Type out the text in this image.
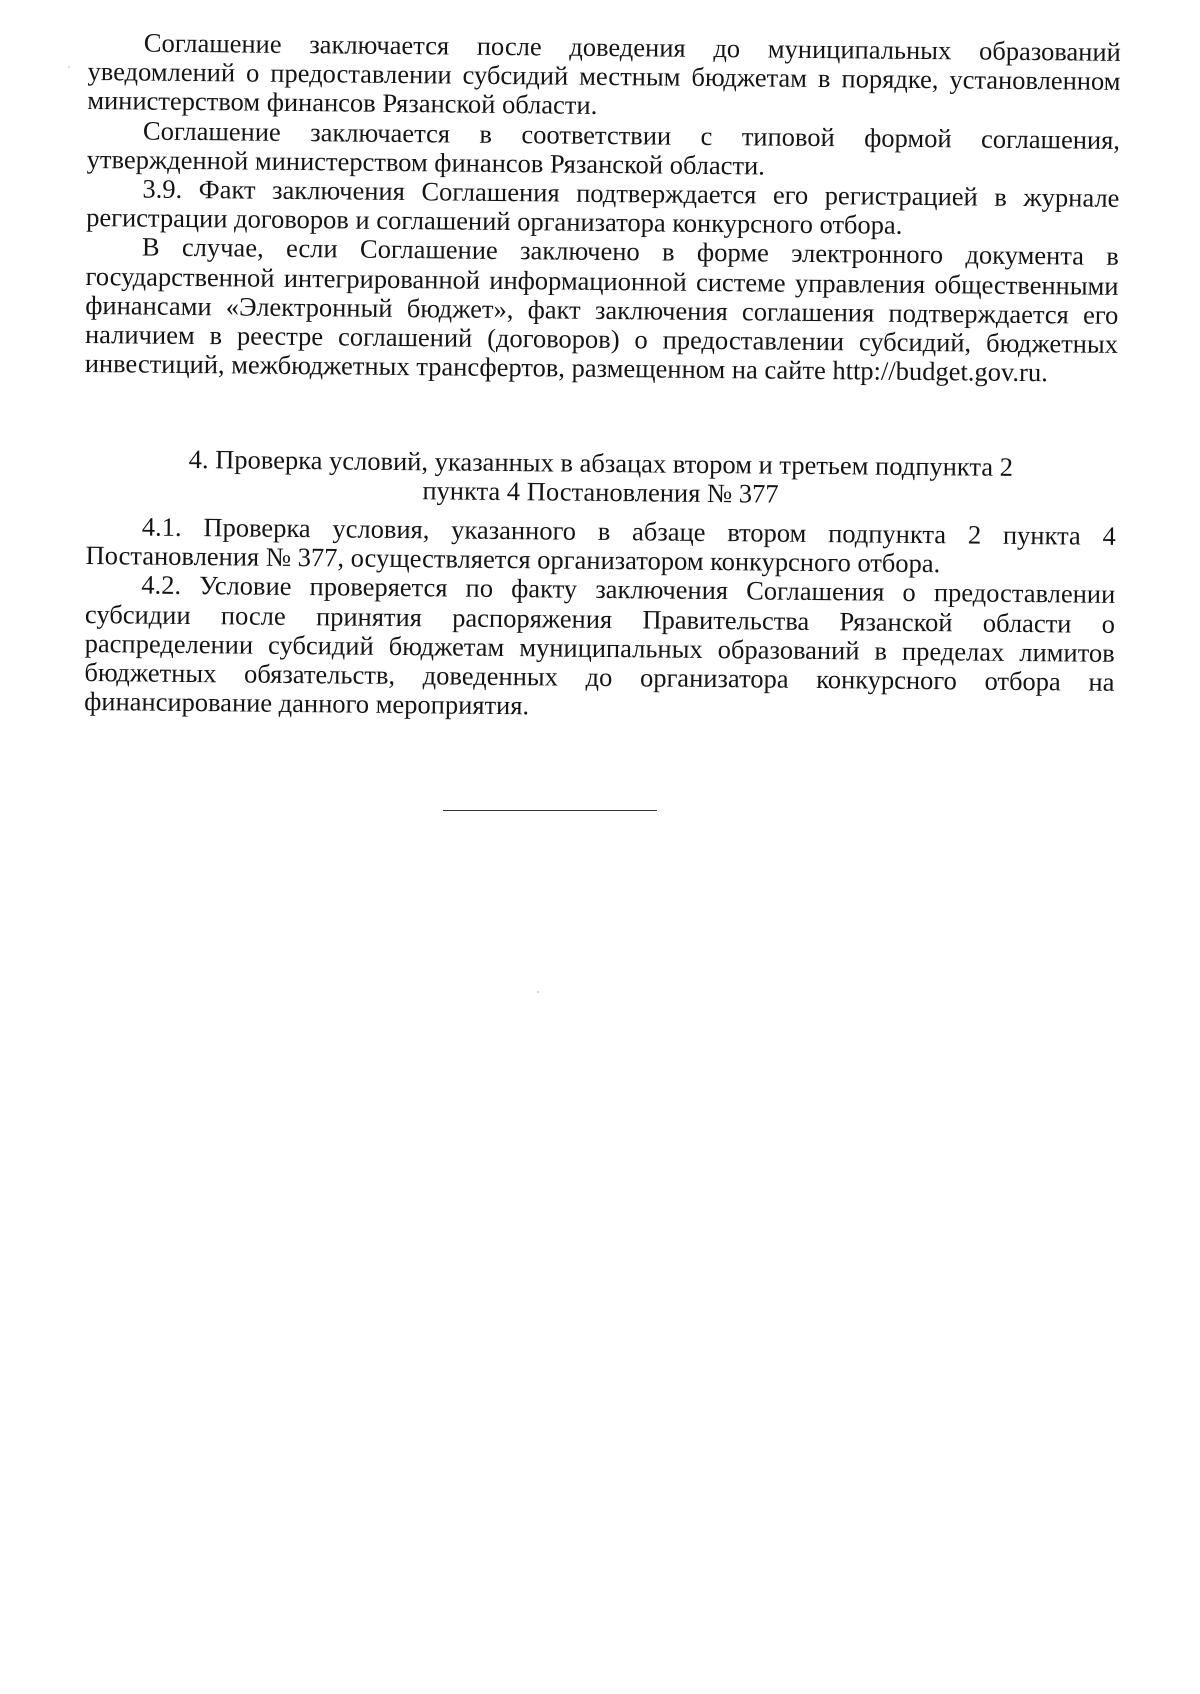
Соглашение заключается после доведения до муниципальных образований уведомлений о предоставлении субсидий местным бюджетам в порядке, установленном министерством финансов Рязанской области.

Соглашение заключается в соответствии с типовой формой соглашения, утвержденной министерством финансов Рязанской области.

3.9. Факт заключения Соглашения подтверждается его регистрацией в журнале регистрации договоров и соглашений организатора конкурсного отбора.

В случае, если Соглашение заключено в форме электронного документа в государственной интегрированной информационной системе управления общественными финансами «Электронный бюджет», факт заключения соглашения подтверждается его наличием в реестре соглашений (договоров) о предоставлении субсидий, бюджетных инвестиций, межбюджетных трансфертов, размещенном на сайте http://budget.gov.ru.

4. Проверка условий, указанных в абзацах втором и третьем подпункта 2
пункта 4 Постановления № 377

4.1. Проверка условия, указанного в абзаце втором подпункта 2 пункта 4 Постановления № 377, осуществляется организатором конкурсного отбора.

4.2. Условие проверяется по факту заключения Соглашения о предоставлении субсидии после принятия распоряжения Правительства Рязанской области о распределении субсидий бюджетам муниципальных образований в пределах лимитов бюджетных обязательств, доведенных до организатора конкурсного отбора на финансирование данного мероприятия.
